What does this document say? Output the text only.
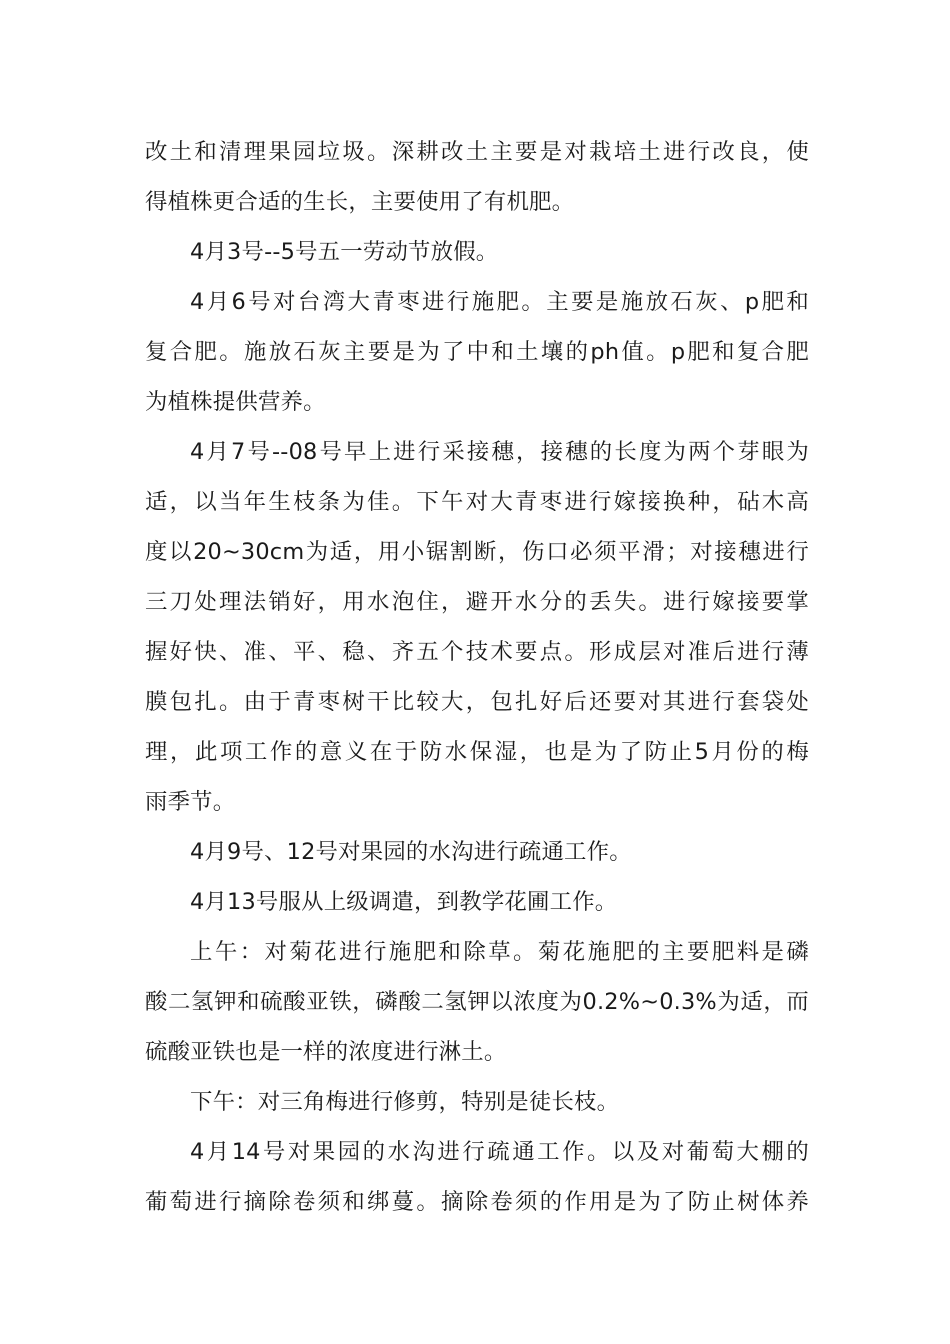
改土和清理果园垃圾。深耕改土主要是对栽培土进行改良，使
得植株更合适的生长，主要使用了有机肥。
4月3号--5号五一劳动节放假。
4月6号对台湾大青枣进行施肥。主要是施放石灰、p肥和
复合肥。施放石灰主要是为了中和土壤的ph值。p肥和复合肥
为植株提供营养。
4月7号--08号早上进行采接穗，接穗的长度为两个芽眼为
适，以当年生枝条为佳。下午对大青枣进行嫁接换种，砧木高
度以20~30cm为适，用小锯割断，伤口必须平滑；对接穗进行
三刀处理法销好，用水泡住，避开水分的丢失。进行嫁接要掌
握好快、准、平、稳、齐五个技术要点。形成层对准后进行薄
膜包扎。由于青枣树干比较大，包扎好后还要对其进行套袋处
理，此项工作的意义在于防水保湿，也是为了防止5月份的梅
雨季节。
4月9号、12号对果园的水沟进行疏通工作。
4月13号服从上级调遣，到教学花圃工作。
上午：对菊花进行施肥和除草。菊花施肥的主要肥料是磷
酸二氢钾和硫酸亚铁，磷酸二氢钾以浓度为0.2%~0.3%为适，而
硫酸亚铁也是一样的浓度进行淋土。
下午：对三角梅进行修剪，特别是徒长枝。
4月14号对果园的水沟进行疏通工作。以及对葡萄大棚的
葡萄进行摘除卷须和绑蔓。摘除卷须的作用是为了防止树体养
